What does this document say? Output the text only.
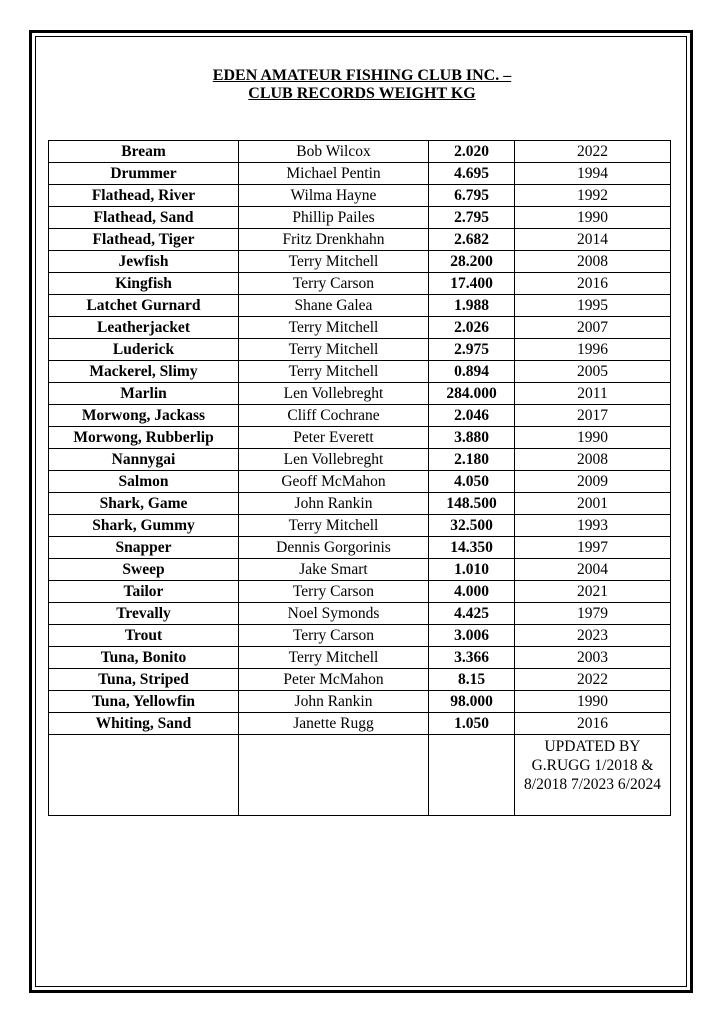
EDEN AMATEUR FISHING CLUB INC. –
CLUB RECORDS WEIGHT KG
Bream	Bob Wilcox	2.020	2022
Drummer	Michael Pentin	4.695	1994
Flathead, River	Wilma Hayne	6.795	1992
Flathead, Sand	Phillip Pailes	2.795	1990
Flathead, Tiger	Fritz Drenkhahn	2.682	2014
Jewfish	Terry Mitchell	28.200	2008
Kingfish	Terry Carson	17.400	2016
Latchet Gurnard	Shane Galea	1.988	1995
Leatherjacket	Terry Mitchell	2.026	2007
Luderick	Terry Mitchell	2.975	1996
Mackerel, Slimy	Terry Mitchell	0.894	2005
Marlin	Len Vollebreght	284.000	2011
Morwong, Jackass	Cliff Cochrane	2.046	2017
Morwong, Rubberlip	Peter Everett	3.880	1990
Nannygai	Len Vollebreght	2.180	2008
Salmon	Geoff McMahon	4.050	2009
Shark, Game	John Rankin	148.500	2001
Shark, Gummy	Terry Mitchell	32.500	1993
Snapper	Dennis Gorgorinis	14.350	1997
Sweep	Jake Smart	1.010	2004
Tailor	Terry Carson	4.000	2021
Trevally	Noel Symonds	4.425	1979
Trout	Terry Carson	3.006	2023
Tuna, Bonito	Terry Mitchell	3.366	2003
Tuna, Striped	Peter McMahon	8.15	2022
Tuna, Yellowfin	John Rankin	98.000	1990
Whiting, Sand	Janette Rugg	1.050	2016
			UPDATED BY G.RUGG 1/2018 & 8/2018 7/2023 6/2024
